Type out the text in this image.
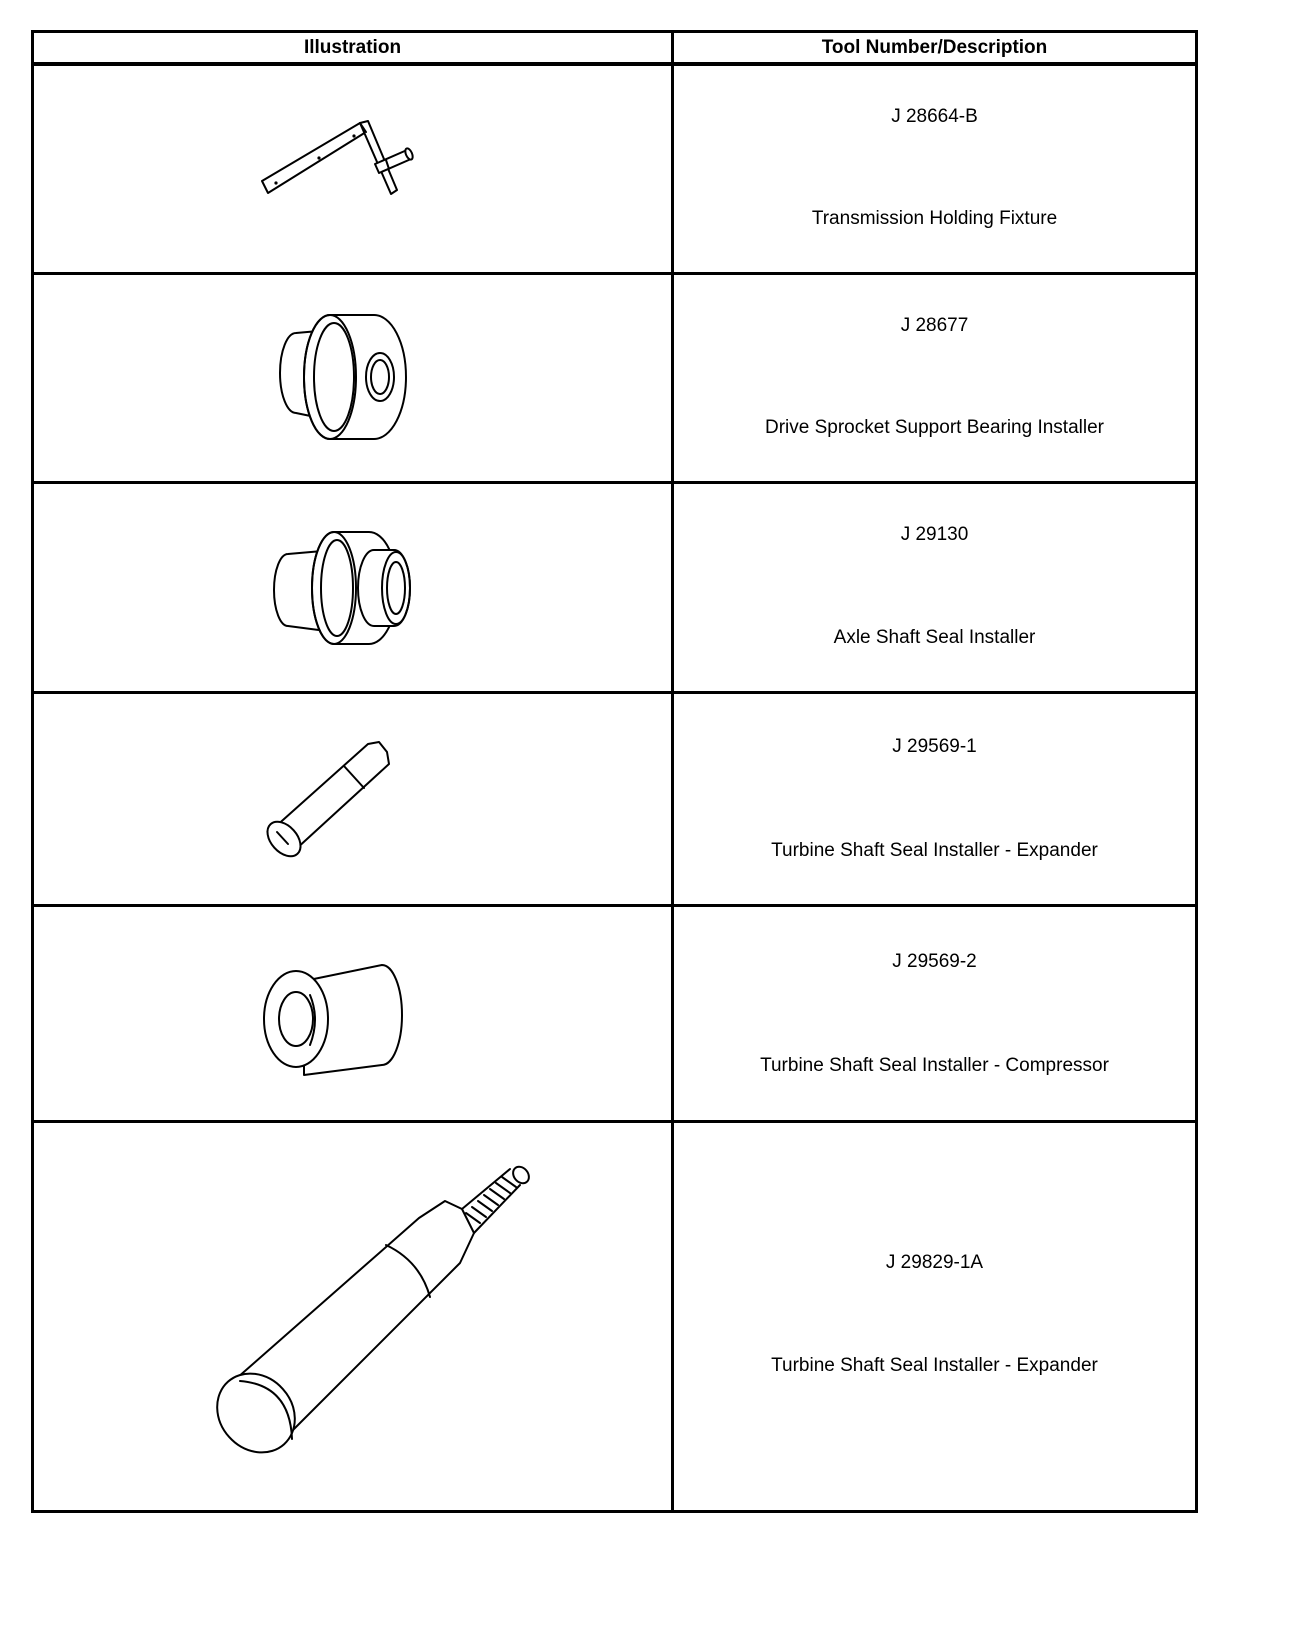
Illustration	Tool Number/Description

J 28664-B
Transmission Holding Fixture

J 28677
Drive Sprocket Support Bearing Installer

J 29130
Axle Shaft Seal Installer

J 29569-1
Turbine Shaft Seal Installer - Expander

J 29569-2
Turbine Shaft Seal Installer - Compressor

J 29829-1A
Turbine Shaft Seal Installer - Expander
